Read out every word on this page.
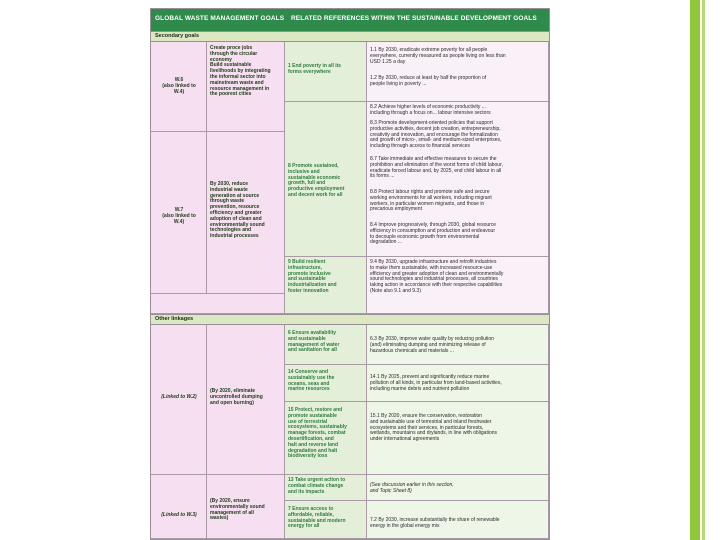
GLOBAL WASTE MANAGEMENT GOALS RELATED REFERENCES WITHIN THE SUSTAINABLE DEVELOPMENT GOALS
Secondary goals
W.6
(also linked to
W.4)
Create proce jobs
through the circular
economy
Build sustainable
livelihoods by integrating
the informal sector into
mainstream waste and
resource management in
the poorest cities
1 End poverty in all its
forms everywhere
1.1 By 2030, eradicate extreme poverty for all people
everywhere, currently measured as people living on less than
USD 1.25 a day
1.2 By 2030, reduce at least by half the proportion of
people living in poverty ...
W.7
(also linked to
W.4)
By 2030, reduce
industrial waste
generation at source
through waste
prevention, resource
efficiency and greater
adoption of clean and
environmentally sound
technologies and
industrial processes
8 Promote sustained,
inclusive and
sustainable economic
growth, full and
productive employment
and decent work for all
8.2 Achieve higher levels of economic productivity ...
including through a focus on... labour intensive sectors
8.3 Promote development-oriented policies that support
productive activities, decent job creation, entrepreneurship,
creativity and innovation, and encourage the formalization
and growth of micro-, small- and medium-sized enterprises,
including through access to financial services
8.7 Take immediate and effective measures to secure the
prohibition and elimination of the worst forms of child labour,
eradicate forced labour and, by 2025, end child labour in all
its forms ...
8.8 Protect labour rights and promote safe and secure
working environments for all workers, including migrant
workers, in particular women migrants, and those in
precarious employment
8.4 Improve progressively, through 2030, global resource
efficiency in consumption and production and endeavour
to decouple economic growth from environmental
degradation ...
9 Build resilient
infrastructure,
promote inclusive
and sustainable
industrialization and
foster innovation
9.4 By 2030, upgrade infrastructure and retrofit industries
to make them sustainable, with increased resource-use
efficiency and greater adoption of clean and environmentally
sound technologies and industrial processes, all countries
taking action in accordance with their respective capabilities
(Note also 9.1 and 9.3)
Other linkages
(Linked to W.2)
(By 2020, eliminate
uncontrolled dumping
and open burning)
6 Ensure availability
and sustainable
management of water
and sanitation for all
6.3 By 2030, improve water quality by reducing pollution
(and) eliminating dumping and minimizing release of
hazardous chemicals and materials ...
14 Conserve and
sustainably use the
oceans, seas and
marine resources
14.1 By 2025, prevent and significantly reduce marine
pollution of all kinds, in particular from land-based activities,
including marine debris and nutrient pollution
15 Protect, restore and
promote sustainable
use of terrestrial
ecosystems, sustainably
manage forests, combat
desertification, and
halt and reverse land
degradation and halt
biodiversity loss
15.1 By 2020, ensure the conservation, restoration
and sustainable use of terrestrial and inland freshwater
ecosystems and their services, in particular forests,
wetlands, mountains and drylands, in line with obligations
under international agreements
(Linked to W.3)
(By 2020, ensure
environmentally sound
management of all
wastes)
13 Take urgent action to
combat climate change
and its impacts
(See discussion earlier in this section,
and Topic Sheet 8)
7 Ensure access to
affordable, reliable,
sustainable and modern
energy for all
7.2 By 2030, increase substantially the share of renewable
energy in the global energy mix
